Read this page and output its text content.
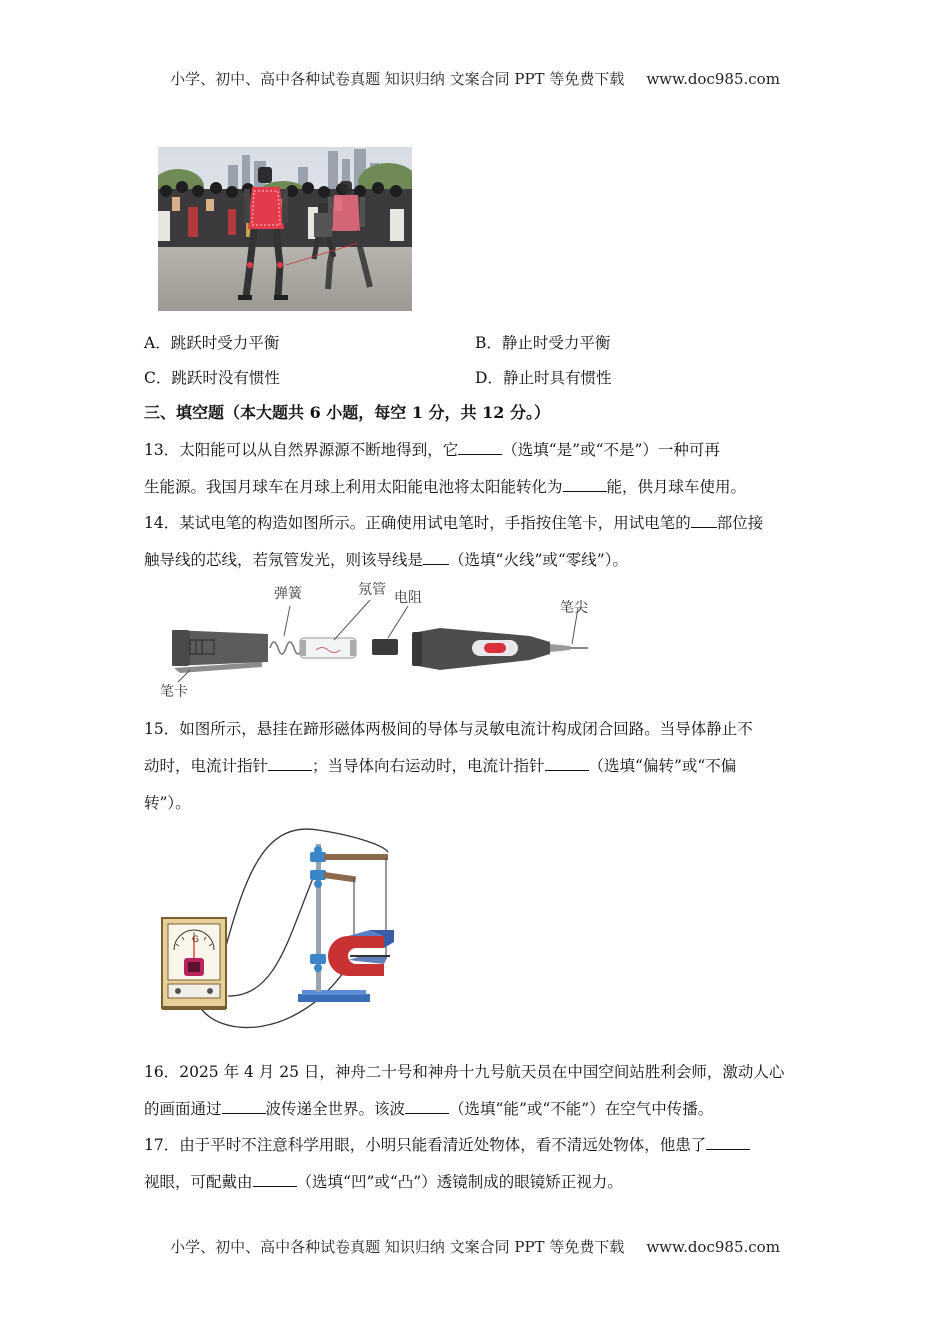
小学、初中、高中各种试卷真题 知识归纳 文案合同 PPT 等免费下载 www.doc985.com
A．跳跃时受力平衡	B．静止时受力平衡
C．跳跃时没有惯性	D．静止时具有惯性
三、填空题（本大题共 6 小题，每空 1 分，共 12 分。）
13．太阳能可以从自然界源源不断地得到，它	（选填“是”或“不是”）一种可再
生能源。我国月球车在月球上利用太阳能电池将太阳能转化为	能，供月球车使用。
14．某试电笔的构造如图所示。正确使用试电笔时，手指按住笔卡，用试电笔的 部位接
触导线的芯线，若氖管发光，则该导线是 （选填“火线”或“零线”）。
弹簧	氖管 电阻
笔尖
笔卡
15．如图所示，悬挂在蹄形磁体两极间的导体与灵敏电流计构成闭合回路。当导体静止不
动时，电流计指针	；当导体向右运动时，电流计指针	（选填“偏转”或“不偏
转”）。
G
16．2025 年 4 月 25 日，神舟二十号和神舟十九号航天员在中国空间站胜利会师，激动人心
的画面通过	波传递全世界。该波	（选填“能”或“不能”）在空气中传播。
17．由于平时不注意科学用眼，小明只能看清近处物体，看不清远处物体，他患了
视眼，可配戴由	（选填“凹”或“凸”）透镜制成的眼镜矫正视力。
小学、初中、高中各种试卷真题 知识归纳 文案合同 PPT 等免费下载 www.doc985.com
